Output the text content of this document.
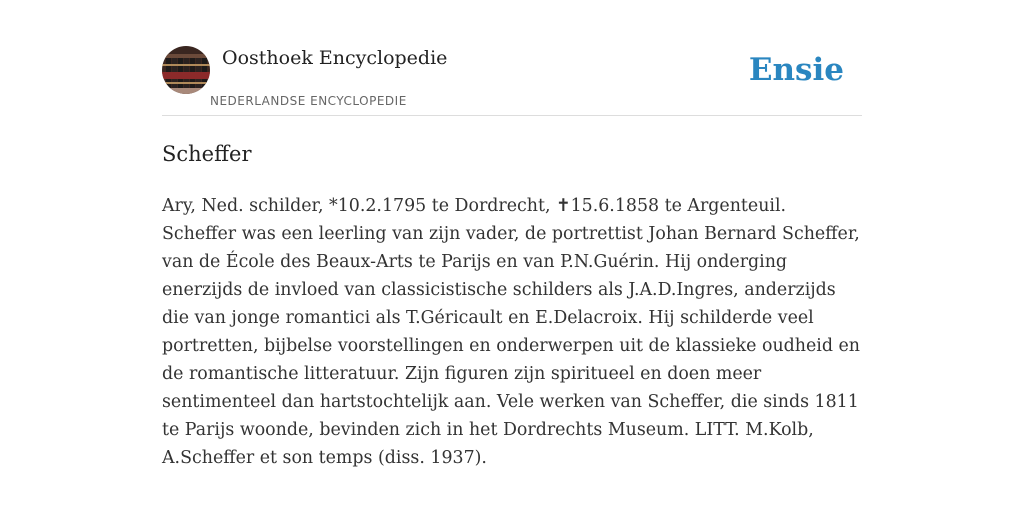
Oosthoek Encyclopedie
NEDERLANDSE ENCYCLOPEDIE
Ensie
Scheffer

Ary, Ned. schilder, *10.2.1795 te Dordrecht, ✝15.6.1858 te Argenteuil. Scheffer was een leerling van zijn vader, de portrettist Johan Bernard Scheffer, van de École des Beaux-Arts te Parijs en van P.N.Guérin. Hij onderging enerzijds de invloed van classicistische schilders als J.A.D.Ingres, anderzijds die van jonge romantici als T.Géricault en E.Delacroix. Hij schilderde veel portretten, bijbelse voorstellingen en onderwerpen uit de klassieke oudheid en de romantische litteratuur. Zijn figuren zijn spiritueel en doen meer sentimenteel dan hartstochtelijk aan. Vele werken van Scheffer, die sinds 1811 te Parijs woonde, bevinden zich in het Dordrechts Museum. LITT. M.Kolb, A.Scheffer et son temps (diss. 1937).
